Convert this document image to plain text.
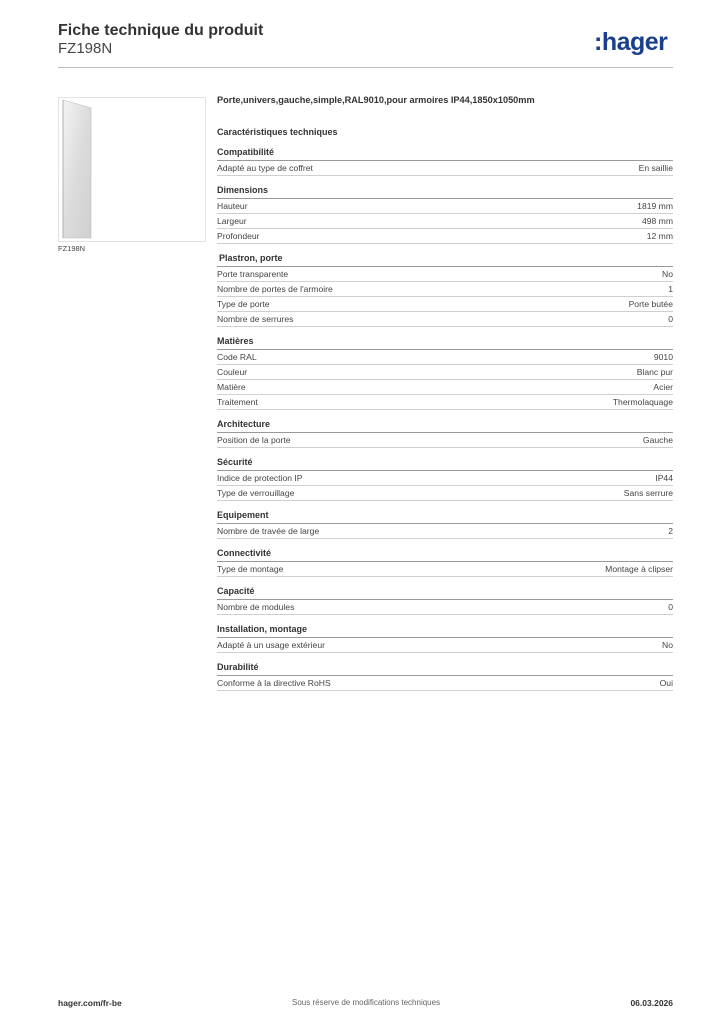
Fiche technique du produit
FZ198N	:hager
FZ198N
Porte,univers,gauche,simple,RAL9010,pour armoires IP44,1850x1050mm
Caractéristiques techniques
Compatibilité
Adapté au type de coffret	En saillie
Dimensions
Hauteur	1819 mm
Largeur	498 mm
Profondeur	12 mm
Plastron, porte
Porte transparente	No
Nombre de portes de l'armoire	1
Type de porte	Porte butée
Nombre de serrures	0
Matières
Code RAL	9010
Couleur	Blanc pur
Matière	Acier
Traitement	Thermolaquage
Architecture
Position de la porte	Gauche
Sécurité
Indice de protection IP	IP44
Type de verrouillage	Sans serrure
Equipement
Nombre de travée de large	2
Connectivité
Type de montage	Montage à clipser
Capacité
Nombre de modules	0
Installation, montage
Adapté à un usage extérieur	No
Durabilité
Conforme à la directive RoHS	Oui
hager.com/fr-be	Sous réserve de modifications techniques	06.03.2026
